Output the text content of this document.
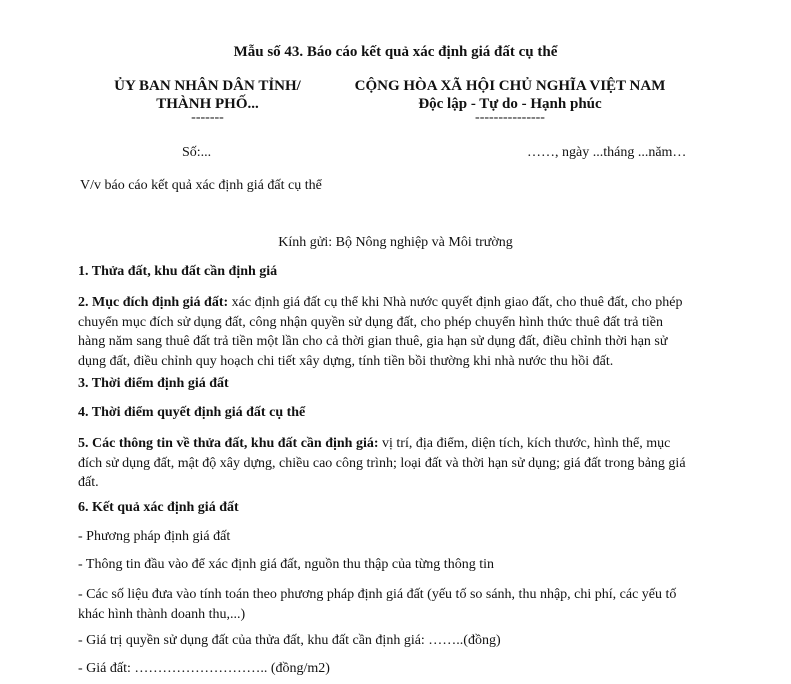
Mẫu số 43. Báo cáo kết quả xác định giá đất cụ thể
ỦY BAN NHÂN DÂN TỈNH/
THÀNH PHỐ...
-------
CỘNG HÒA XÃ HỘI CHỦ NGHĨA VIỆT NAM
Độc lập - Tự do - Hạnh phúc
---------------
Số:...	……, ngày ...tháng ...năm…
V/v báo cáo kết quả xác định giá đất cụ thể
Kính gửi: Bộ Nông nghiệp và Môi trường
1. Thửa đất, khu đất cần định giá
2. Mục đích định giá đất: xác định giá đất cụ thể khi Nhà nước quyết định giao đất, cho thuê đất, cho phép chuyển mục đích sử dụng đất, công nhận quyền sử dụng đất, cho phép chuyển hình thức thuê đất trả tiền hàng năm sang thuê đất trả tiền một lần cho cả thời gian thuê, gia hạn sử dụng đất, điều chỉnh thời hạn sử dụng đất, điều chỉnh quy hoạch chi tiết xây dựng, tính tiền bồi thường khi nhà nước thu hồi đất.
3. Thời điểm định giá đất
4. Thời điểm quyết định giá đất cụ thể
5. Các thông tin về thửa đất, khu đất cần định giá: vị trí, địa điểm, diện tích, kích thước, hình thể, mục đích sử dụng đất, mật độ xây dựng, chiều cao công trình; loại đất và thời hạn sử dụng; giá đất trong bảng giá đất.
6. Kết quả xác định giá đất
- Phương pháp định giá đất
- Thông tin đầu vào để xác định giá đất, nguồn thu thập của từng thông tin
- Các số liệu đưa vào tính toán theo phương pháp định giá đất (yếu tố so sánh, thu nhập, chi phí, các yếu tố khác hình thành doanh thu,...)
- Giá trị quyền sử dụng đất của thửa đất, khu đất cần định giá: ……..(đồng)
- Giá đất: ……………………….. (đồng/m2)
